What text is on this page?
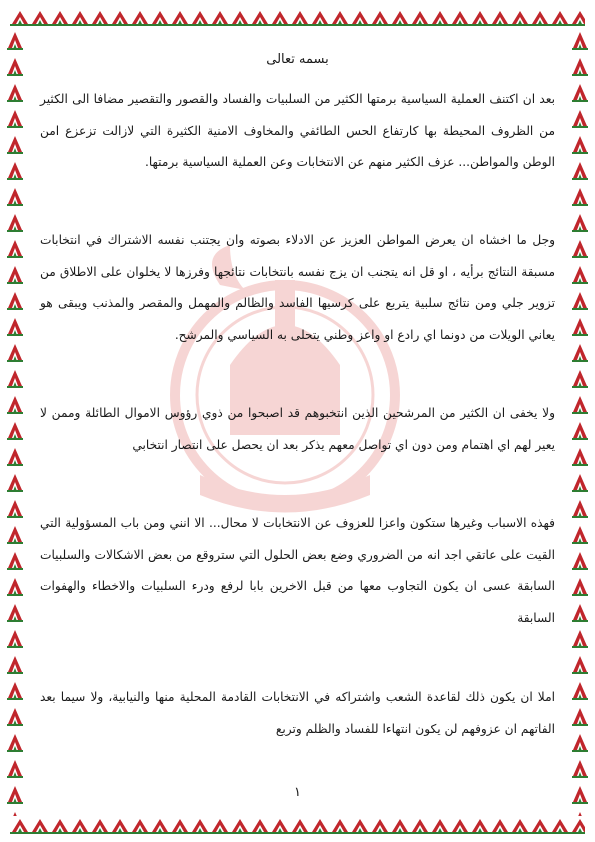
بسمه تعالى
بعد ان اكتنف العملية السياسية برمتها الكثير من السلبيات والفساد والقصور والتقصير مضافا الى الكثير من الظروف المحيطة بها كارتفاع الحس الطائفي والمخاوف الامنية الكثيرة التي لازالت تزعزع امن الوطن والمواطن... عزف الكثير منهم عن الانتخابات وعن العملية السياسية برمتها.
وجل ما اخشاه ان يعرض المواطن العزيز عن الادلاء بصوته وان يجتنب نفسه الاشتراك في انتخابات مسبقة النتائج برأيه ، او قل انه يتجنب ان يزج نفسه بانتخابات نتائجها وفرزها لا يخلوان على الاطلاق من تزوير جلي ومن نتائج سلبية يتربع على كرسيها الفاسد والظالم والمهمل والمقصر والمذنب ويبقى هو يعاني الويلات من دونما اي رادع او واعز وطني يتحلى به السياسي والمرشح.
ولا يخفى ان الكثير من المرشحين الذين انتخبوهم قد اصبحوا من ذوي رؤوس الاموال الطائلة وممن لا يعير لهم اي اهتمام ومن دون اي تواصل معهم يذكر بعد ان يحصل على انتصار انتخابي
فهذه الاسباب وغيرها ستكون واعزا للعزوف عن الانتخابات لا محال... الا انني ومن باب المسؤولية التي القيت على عاتقي اجد انه من الضروري وضع بعض الحلول التي ستروقع من بعض الاشكالات والسلبيات السابقة عسى ان يكون التجاوب معها من قبل الاخرين بابا لرفع ودرء السلبيات والاخطاء والهفوات السابقة
املا ان يكون ذلك لقاعدة الشعب واشتراكه في الانتخابات القادمة المحلية منها والنيابية، ولا سيما بعد الفاتهم ان عزوفهم لن يكون انتهاءا للفساد والظلم وتربع
١
